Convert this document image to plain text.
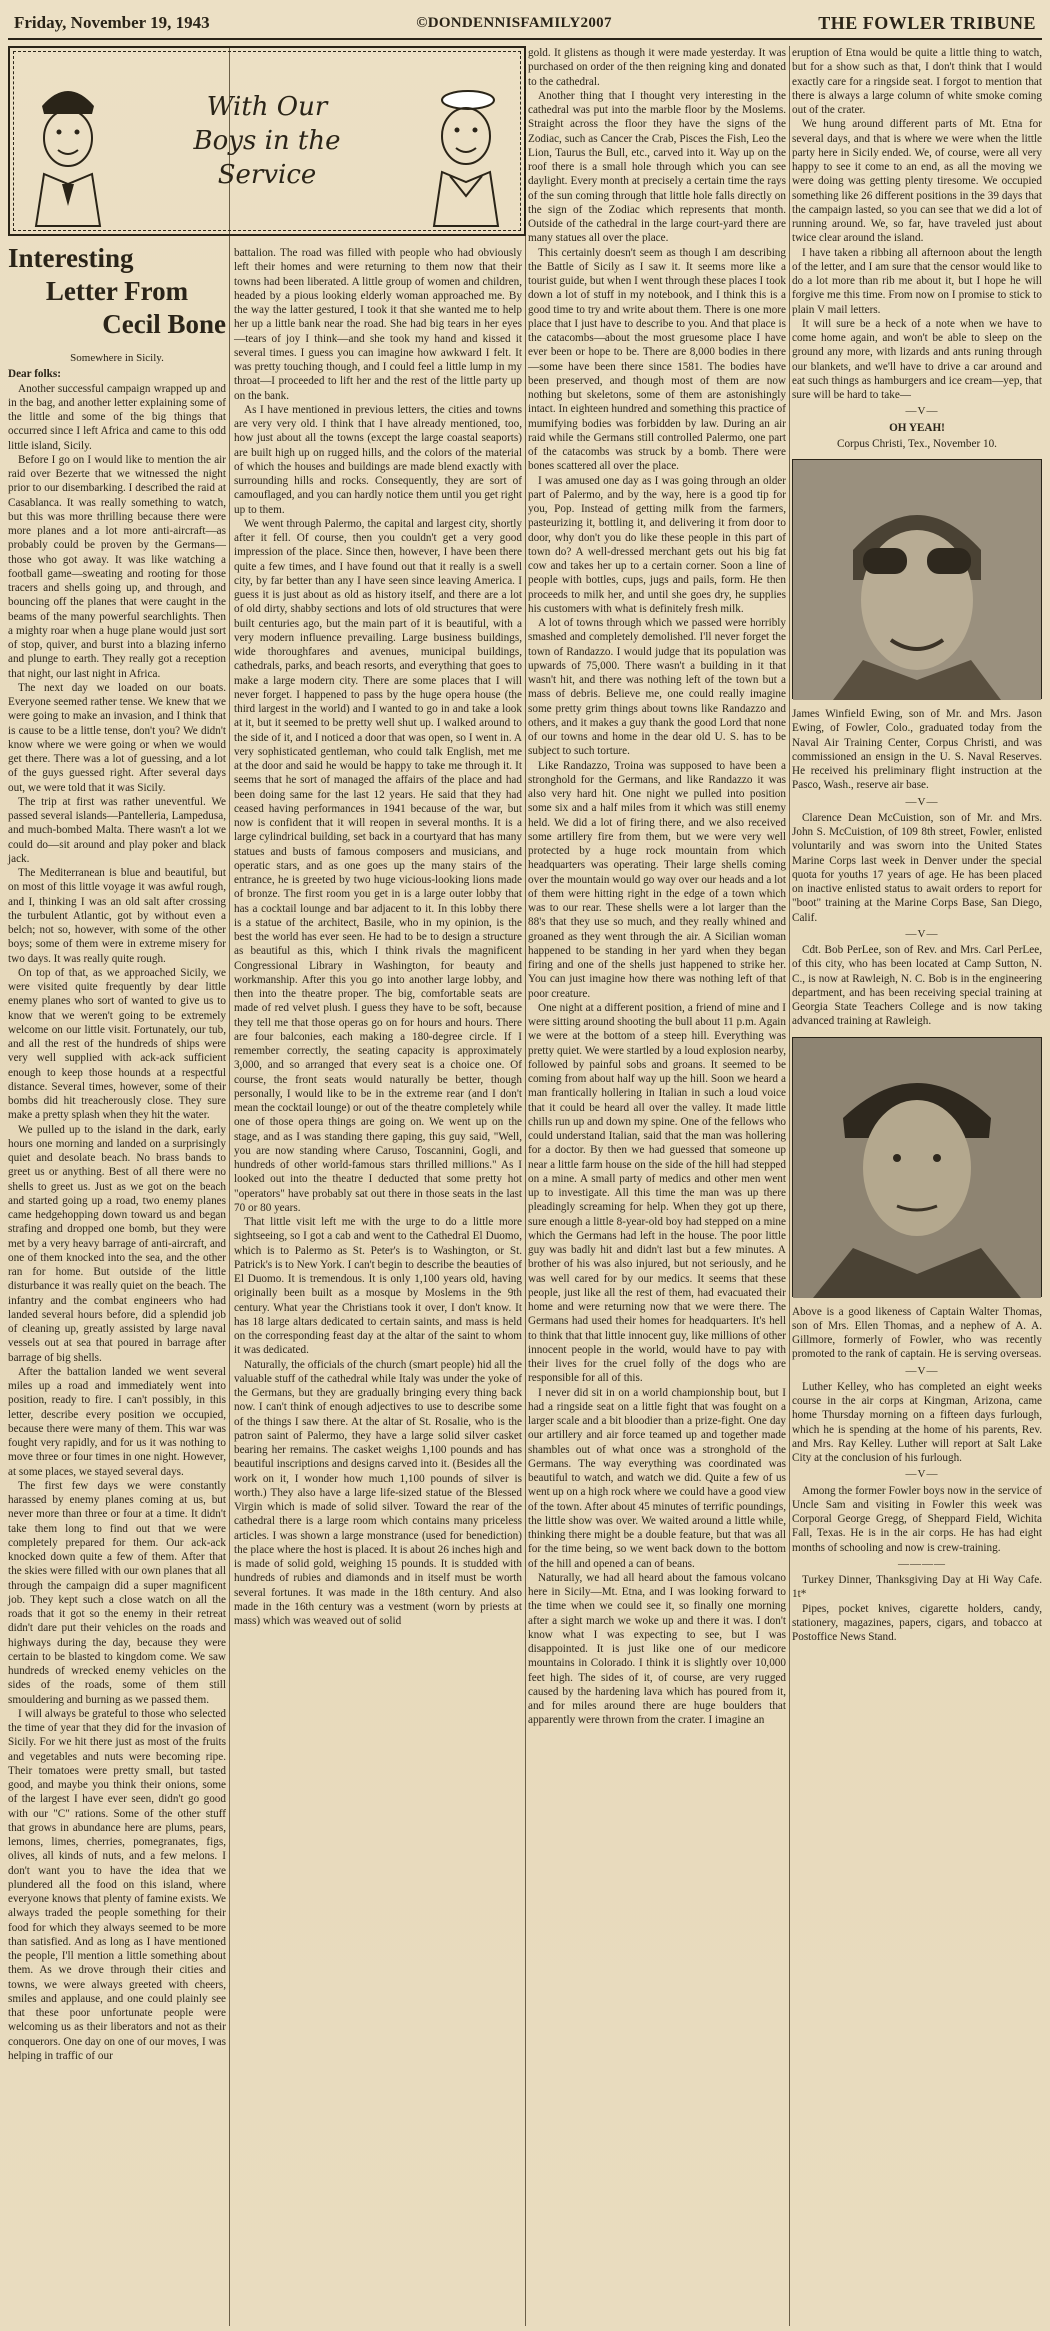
Friday, November 19, 1943	©DONDENNISFAMILY2007	THE FOWLER TRIBUNE
With Our Boys in the Service
Interesting
Letter From
Cecil Bone
Somewhere in Sicily.

Dear folks:

Another successful campaign wrapped up and in the bag, and another letter explaining some of the little and some of the big things that occurred since I left Africa and came to this odd little island, Sicily.

Before I go on I would like to mention the air raid over Bezerte that we witnessed the night prior to our disembarking. I described the raid at Casablanca. It was really something to watch, but this was more thrilling because there were more planes and a lot more anti-aircraft—as probably could be proven by the Germans—those who got away. It was like watching a football game—sweating and rooting for those tracers and shells going up, and through, and bouncing off the planes that were caught in the beams of the many powerful searchlights. Then a mighty roar when a huge plane would just sort of stop, quiver, and burst into a blazing inferno and plunge to earth. They really got a reception that night, our last night in Africa.

The next day we loaded on our boats. Everyone seemed rather tense. We knew that we were going to make an invasion, and I think that is cause to be a little tense, don't you? We didn't know where we were going or when we would get there. There was a lot of guessing, and a lot of the guys guessed right. After several days out, we were told that it was Sicily.

The trip at first was rather uneventful. We passed several islands—Pantelleria, Lampedusa, and much-bombed Malta. There wasn't a lot we could do—sit around and play poker and black jack.

The Mediterranean is blue and beautiful, but on most of this little voyage it was awful rough, and I, thinking I was an old salt after crossing the turbulent Atlantic, got by without even a belch; not so, however, with some of the other boys; some of them were in extreme misery for two days. It was really quite rough.

On top of that, as we approached Sicily, we were visited quite frequently by dear little enemy planes who sort of wanted to give us to know that we weren't going to be extremely welcome on our little visit. Fortunately, our tub, and all the rest of the hundreds of ships were very well supplied with ack-ack sufficient enough to keep those hounds at a respectful distance. Several times, however, some of their bombs did hit treacherously close. They sure make a pretty splash when they hit the water.

We pulled up to the island in the dark, early hours one morning and landed on a surprisingly quiet and desolate beach. No brass bands to greet us or anything. Best of all there were no shells to greet us. Just as we got on the beach and started going up a road, two enemy planes came hedgehopping down toward us and began strafing and dropped one bomb, but they were met by a very heavy barrage of anti-aircraft, and one of them knocked into the sea, and the other ran for home. But outside of the little disturbance it was really quiet on the beach. The infantry and the combat engineers who had landed several hours before, did a splendid job of cleaning up, greatly assisted by large naval vessels out at sea that poured in barrage after barrage of big shells.

After the battalion landed we went several miles up a road and immediately went into position, ready to fire. I can't possibly, in this letter, describe every position we occupied, because there were many of them. This war was fought very rapidly, and for us it was nothing to move three or four times in one night. However, at some places, we stayed several days.

The first few days we were constantly harassed by enemy planes coming at us, but never more than three or four at a time. It didn't take them long to find out that we were completely prepared for them. Our ack-ack knocked down quite a few of them. After that the skies were filled with our own planes that all through the campaign did a super magnificent job. They kept such a close watch on all the roads that it got so the enemy in their retreat didn't dare put their vehicles on the roads and highways during the day, because they were certain to be blasted to kingdom come. We saw hundreds of wrecked enemy vehicles on the sides of the roads, some of them still smouldering and burning as we passed them.

I will always be grateful to those who selected the time of year that they did for the invasion of Sicily. For we hit there just as most of the fruits and vegetables and nuts were becoming ripe. Their tomatoes were pretty small, but tasted good, and maybe you think their onions, some of the largest I have ever seen, didn't go good with our "C" rations. Some of the other stuff that grows in abundance here are plums, pears, lemons, limes, cherries, pomegranates, figs, olives, all kinds of nuts, and a few melons. I don't want you to have the idea that we plundered all the food on this island, where everyone knows that plenty of famine exists. We always traded the people something for their food for which they always seemed to be more than satisfied. And as long as I have mentioned the people, I'll mention a little something about them. As we drove through their cities and towns, we were always greeted with cheers, smiles and applause, and one could plainly see that these poor unfortunate people were welcoming us as their liberators and not as their conquerors. One day on one of our moves, I was helping in traffic of our

battalion. The road was filled with people who had obviously left their homes and were returning to them now that their towns had been liberated. A little group of women and children, headed by a pious looking elderly woman approached me. By the way the latter gestured, I took it that she wanted me to help her up a little bank near the road. She had big tears in her eyes—tears of joy I think—and she took my hand and kissed it several times. I guess you can imagine how awkward I felt. It was pretty touching though, and I could feel a little lump in my throat—I proceeded to lift her and the rest of the little party up on the bank.

As I have mentioned in previous letters, the cities and towns are very very old. I think that I have already mentioned, too, how just about all the towns (except the large coastal seaports) are built high up on rugged hills, and the colors of the material of which the houses and buildings are made blend exactly with surrounding hills and rocks. Consequently, they are sort of camouflaged, and you can hardly notice them until you get right up to them.

We went through Palermo, the capital and largest city, shortly after it fell. Of course, then you couldn't get a very good impression of the place. Since then, however, I have been there quite a few times, and I have found out that it really is a swell city, by far better than any I have seen since leaving America. I guess it is just about as old as history itself, and there are a lot of old dirty, shabby sections and lots of old structures that were built centuries ago, but the main part of it is beautiful, with a very modern influence prevailing. Large business buildings, wide thoroughfares and avenues, municipal buildings, cathedrals, parks, and beach resorts, and everything that goes to make a large modern city. There are some places that I will never forget. I happened to pass by the huge opera house (the third largest in the world) and I wanted to go in and take a look at it, but it seemed to be pretty well shut up. I walked around to the side of it, and I noticed a door that was open, so I went in. A very sophisticated gentleman, who could talk English, met me at the door and said he would be happy to take me through it. It seems that he sort of managed the affairs of the place and had been doing same for the last 12 years. He said that they had ceased having performances in 1941 because of the war, but now is confident that it will reopen in several months. It is a large cylindrical building, set back in a courtyard that has many statues and busts of famous composers and musicians, and operatic stars, and as one goes up the many stairs of the entrance, he is greeted by two huge vicious-looking lions made of bronze. The first room you get in is a large outer lobby that has a cocktail lounge and bar adjacent to it. In this lobby there is a statue of the architect, Basile, who in my opinion, is the best the world has ever seen. He had to be to design a structure as beautiful as this, which I think rivals the magnificent Congressional Library in Washington, for beauty and workmanship. After this you go into another large lobby, and then into the theatre proper. The big, comfortable seats are made of red velvet plush. I guess they have to be soft, because they tell me that those operas go on for hours and hours. There are four balconies, each making a 180-degree circle. If I remember correctly, the seating capacity is approximately 3,000, and so arranged that every seat is a choice one. Of course, the front seats would naturally be better, though personally, I would like to be in the extreme rear (and I don't mean the cocktail lounge) or out of the theatre completely while one of those opera things are going on. We went up on the stage, and as I was standing there gaping, this guy said, "Well, you are now standing where Caruso, Toscannini, Gogli, and hundreds of other world-famous stars thrilled millions." As I looked out into the theatre I deducted that some pretty hot "operators" have probably sat out there in those seats in the last 70 or 80 years.

That little visit left me with the urge to do a little more sightseeing, so I got a cab and went to the Cathedral El Duomo, which is to Palermo as St. Peter's is to Washington, or St. Patrick's is to New York. I can't begin to describe the beauties of El Duomo. It is tremendous. It is only 1,100 years old, having originally been built as a mosque by Moslems in the 9th century. What year the Christians took it over, I don't know. It has 18 large altars dedicated to certain saints, and mass is held on the corresponding feast day at the altar of the saint to whom it was dedicated.

Naturally, the officials of the church (smart people) hid all the valuable stuff of the cathedral while Italy was under the yoke of the Germans, but they are gradually bringing every thing back now. I can't think of enough adjectives to use to describe some of the things I saw there. At the altar of St. Rosalie, who is the patron saint of Palermo, they have a large solid silver casket bearing her remains. The casket weighs 1,100 pounds and has beautiful inscriptions and designs carved into it. (Besides all the work on it, I wonder how much 1,100 pounds of silver is worth.) They also have a large life-sized statue of the Blessed Virgin which is made of solid silver. Toward the rear of the cathedral there is a large room which contains many priceless articles. I was shown a large monstrance (used for benediction) the place where the host is placed. It is about 26 inches high and is made of solid gold, weighing 15 pounds. It is studded with hundreds of rubies and diamonds and in itself must be worth several fortunes. It was made in the 18th century. And also made in the 16th century was a vestment (worn by priests at mass) which was weaved out of solid

gold. It glistens as though it were made yesterday. It was purchased on order of the then reigning king and donated to the cathedral.

Another thing that I thought very interesting in the cathedral was put into the marble floor by the Moslems. Straight across the floor they have the signs of the Zodiac, such as Cancer the Crab, Pisces the Fish, Leo the Lion, Taurus the Bull, etc., carved into it. Way up on the roof there is a small hole through which you can see daylight. Every month at precisely a certain time the rays of the sun coming through that little hole falls directly on the sign of the Zodiac which represents that month. Outside of the cathedral in the large court-yard there are many statues all over the place.

This certainly doesn't seem as though I am describing the Battle of Sicily as I saw it. It seems more like a tourist guide, but when I went through these places I took down a lot of stuff in my notebook, and I think this is a good time to try and write about them. There is one more place that I just have to describe to you. And that place is the catacombs—about the most gruesome place I have ever been or hope to be. There are 8,000 bodies in there—some have been there since 1581. The bodies have been preserved, and though most of them are now nothing but skeletons, some of them are astonishingly intact. In eighteen hundred and something this practice of mumifying bodies was forbidden by law. During an air raid while the Germans still controlled Palermo, one part of the catacombs was struck by a bomb. There were bones scattered all over the place.

I was amused one day as I was going through an older part of Palermo, and by the way, here is a good tip for you, Pop. Instead of getting milk from the farmers, pasteurizing it, bottling it, and delivering it from door to door, why don't you do like these people in this part of town do? A well-dressed merchant gets out his big fat cow and takes her up to a certain corner. Soon a line of people with bottles, cups, jugs and pails, form. He then proceeds to milk her, and until she goes dry, he supplies his customers with what is definitely fresh milk.

A lot of towns through which we passed were horribly smashed and completely demolished. I'll never forget the town of Randazzo. I would judge that its population was upwards of 75,000. There wasn't a building in it that wasn't hit, and there was nothing left of the town but a mass of debris. Believe me, one could really imagine some pretty grim things about towns like Randazzo and others, and it makes a guy thank the good Lord that none of our towns and home in the dear old U. S. has to be subject to such torture.

Like Randazzo, Troina was supposed to have been a stronghold for the Germans, and like Randazzo it was also very hard hit. One night we pulled into position some six and a half miles from it which was still enemy held. We did a lot of firing there, and we also received some artillery fire from them, but we were very well protected by a huge rock mountain from which headquarters was operating. Their large shells coming over the mountain would go way over our heads and a lot of them were hitting right in the edge of a town which was to our rear. These shells were a lot larger than the 88's that they use so much, and they really whined and groaned as they went through the air. A Sicilian woman happened to be standing in her yard when they began firing and one of the shells just happened to strike her. You can just imagine how there was nothing left of that poor creature.

One night at a different position, a friend of mine and I were sitting around shooting the bull about 11 p.m. Again we were at the bottom of a steep hill. Everything was pretty quiet. We were startled by a loud explosion nearby, followed by painful sobs and groans. It seemed to be coming from about half way up the hill. Soon we heard a man frantically hollering in Italian in such a loud voice that it could be heard all over the valley. It made little chills run up and down my spine. One of the fellows who could understand Italian, said that the man was hollering for a doctor. By then we had guessed that someone up near a little farm house on the side of the hill had stepped on a mine. A small party of medics and other men went up to investigate. All this time the man was up there pleadingly screaming for help. When they got up there, sure enough a little 8-year-old boy had stepped on a mine which the Germans had left in the house. The poor little guy was badly hit and didn't last but a few minutes. A brother of his was also injured, but not seriously, and he was well cared for by our medics. It seems that these people, just like all the rest of them, had evacuated their home and were returning now that we were there. The Germans had used their homes for headquarters. It's hell to think that that little innocent guy, like millions of other innocent people in the world, would have to pay with their lives for the cruel folly of the dogs who are responsible for all of this.

I never did sit in on a world championship bout, but I had a ringside seat on a little fight that was fought on a larger scale and a bit bloodier than a prize-fight. One day our artillery and air force teamed up and together made shambles out of what once was a stronghold of the Germans. The way everything was coordinated was beautiful to watch, and watch we did. Quite a few of us went up on a high rock where we could have a good view of the town. After about 45 minutes of terrific poundings, the little show was over. We waited around a little while, thinking there might be a double feature, but that was all for the time being, so we went back down to the bottom of the hill and opened a can of beans.

Naturally, we had all heard about the famous volcano here in Sicily—Mt. Etna, and I was looking forward to the time when we could see it, so finally one morning after a sight march we woke up and there it was. I don't know what I was expecting to see, but I was disappointed. It is just like one of our medicore mountains in Colorado. I think it is slightly over 10,000 feet high. The sides of it, of course, are very rugged caused by the hardening lava which has poured from it, and for miles around there are huge boulders that apparently were thrown from the crater. I imagine an

eruption of Etna would be quite a little thing to watch, but for a show such as that, I don't think that I would exactly care for a ringside seat. I forgot to mention that there is always a large column of white smoke coming out of the crater.

We hung around different parts of Mt. Etna for several days, and that is where we were when the little party here in Sicily ended. We, of course, were all very happy to see it come to an end, as all the moving we were doing was getting plenty tiresome. We occupied something like 26 different positions in the 39 days that the campaign lasted, so you can see that we did a lot of running around. We, so far, have traveled just about twice clear around the island.

I have taken a ribbing all afternoon about the length of the letter, and I am sure that the censor would like to do a lot more than rib me about it, but I hope he will forgive me this time. From now on I promise to stick to plain V mail letters.

It will sure be a heck of a note when we have to come home again, and won't be able to sleep on the ground any more, with lizards and ants runing through our blankets, and we'll have to drive a car around and eat such things as hamburgers and ice cream—yep, that sure will be hard to take—

—V—

OH YEAH!

Corpus Christi, Tex., November 10.

James Winfield Ewing, son of Mr. and Mrs. Jason Ewing, of Fowler, Colo., graduated today from the Naval Air Training Center, Corpus Christi, and was commissioned an ensign in the U. S. Naval Reserves. He received his preliminary flight instruction at the Pasco, Wash., reserve air base.

—V—

Clarence Dean McCuistion, son of Mr. and Mrs. John S. McCuistion, of 109 8th street, Fowler, enlisted voluntarily and was sworn into the United States Marine Corps last week in Denver under the special quota for youths 17 years of age. He has been placed on inactive enlisted status to await orders to report for "boot" training at the Marine Corps Base, San Diego, Calif.

—V—

Cdt. Bob PerLee, son of Rev. and Mrs. Carl PerLee, of this city, who has been located at Camp Sutton, N. C., is now at Rawleigh, N. C. Bob is in the engineering department, and has been receiving special training at Georgia State Teachers College and is now taking advanced training at Rawleigh.

Above is a good likeness of Captain Walter Thomas, son of Mrs. Ellen Thomas, and a nephew of A. A. Gillmore, formerly of Fowler, who was recently promoted to the rank of captain. He is serving overseas.

—V—

Luther Kelley, who has completed an eight weeks course in the air corps at Kingman, Arizona, came home Thursday morning on a fifteen days furlough, which he is spending at the home of his parents, Rev. and Mrs. Ray Kelley. Luther will report at Salt Lake City at the conclusion of his furlough.

—V—

Among the former Fowler boys now in the service of Uncle Sam and visiting in Fowler this week was Corporal George Gregg, of Sheppard Field, Wichita Fall, Texas. He is in the air corps. He has had eight months of schooling and now is crew-training.

————

Turkey Dinner, Thanksgiving Day at Hi Way Cafe. 1t*

Pipes, pocket knives, cigarette holders, candy, stationery, magazines, papers, cigars, and tobacco at Postoffice News Stand.
